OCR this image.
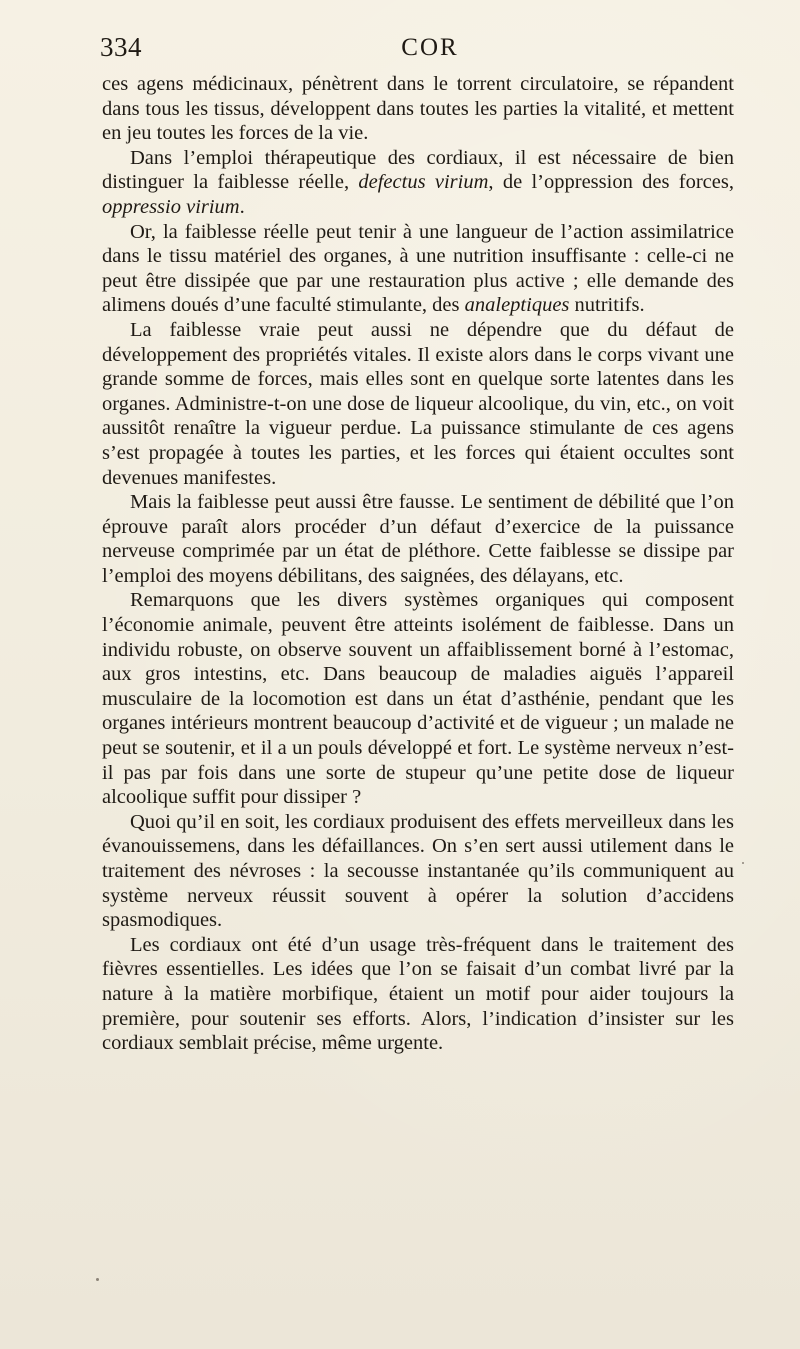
334	COR

ces agens médicinaux, pénètrent dans le torrent circulatoire, se répandent dans tous les tissus, développent dans toutes les parties la vitalité, et mettent en jeu toutes les forces de la vie.

Dans l’emploi thérapeutique des cordiaux, il est nécessaire de bien distinguer la faiblesse réelle, defectus virium, de l’oppression des forces, oppressio virium.

Or, la faiblesse réelle peut tenir à une langueur de l’action assimilatrice dans le tissu matériel des organes, à une nutrition insuffisante : celle-ci ne peut être dissipée que par une restauration plus active ; elle demande des alimens doués d’une faculté stimulante, des analeptiques nutritifs.

La faiblesse vraie peut aussi ne dépendre que du défaut de développement des propriétés vitales. Il existe alors dans le corps vivant une grande somme de forces, mais elles sont en quelque sorte latentes dans les organes. Administre-t-on une dose de liqueur alcoolique, du vin, etc., on voit aussitôt renaître la vigueur perdue. La puissance stimulante de ces agens s’est propagée à toutes les parties, et les forces qui étaient occultes sont devenues manifestes.

Mais la faiblesse peut aussi être fausse. Le sentiment de débilité que l’on éprouve paraît alors procéder d’un défaut d’exercice de la puissance nerveuse comprimée par un état de pléthore. Cette faiblesse se dissipe par l’emploi des moyens débilitans, des saignées, des délayans, etc.

Remarquons que les divers systèmes organiques qui composent l’économie animale, peuvent être atteints isolément de faiblesse. Dans un individu robuste, on observe souvent un affaiblissement borné à l’estomac, aux gros intestins, etc. Dans beaucoup de maladies aiguës l’appareil musculaire de la locomotion est dans un état d’asthénie, pendant que les organes intérieurs montrent beaucoup d’activité et de vigueur ; un malade ne peut se soutenir, et il a un pouls développé et fort. Le système nerveux n’est-il pas par fois dans une sorte de stupeur qu’une petite dose de liqueur alcoolique suffit pour dissiper ?

Quoi qu’il en soit, les cordiaux produisent des effets merveilleux dans les évanouissemens, dans les défaillances. On s’en sert aussi utilement dans le traitement des névroses : la secousse instantanée qu’ils communiquent au système nerveux réussit souvent à opérer la solution d’accidens spasmodiques.

Les cordiaux ont été d’un usage très-fréquent dans le traitement des fièvres essentielles. Les idées que l’on se faisait d’un combat livré par la nature à la matière morbifique, étaient un motif pour aider toujours la première, pour soutenir ses efforts. Alors, l’indication d’insister sur les cordiaux semblait précise, même urgente.
